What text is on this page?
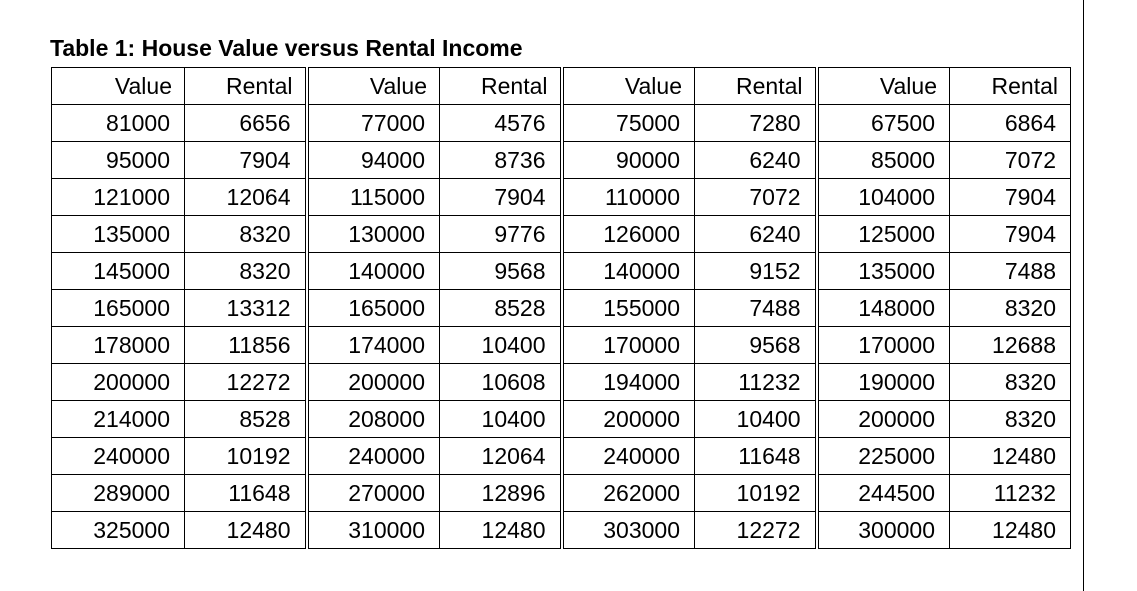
Table 1: House Value versus Rental Income
Value	Rental	Value	Rental	Value	Rental	Value	Rental
81000	6656	77000	4576	75000	7280	67500	6864
95000	7904	94000	8736	90000	6240	85000	7072
121000	12064	115000	7904	110000	7072	104000	7904
135000	8320	130000	9776	126000	6240	125000	7904
145000	8320	140000	9568	140000	9152	135000	7488
165000	13312	165000	8528	155000	7488	148000	8320
178000	11856	174000	10400	170000	9568	170000	12688
200000	12272	200000	10608	194000	11232	190000	8320
214000	8528	208000	10400	200000	10400	200000	8320
240000	10192	240000	12064	240000	11648	225000	12480
289000	11648	270000	12896	262000	10192	244500	11232
325000	12480	310000	12480	303000	12272	300000	12480
